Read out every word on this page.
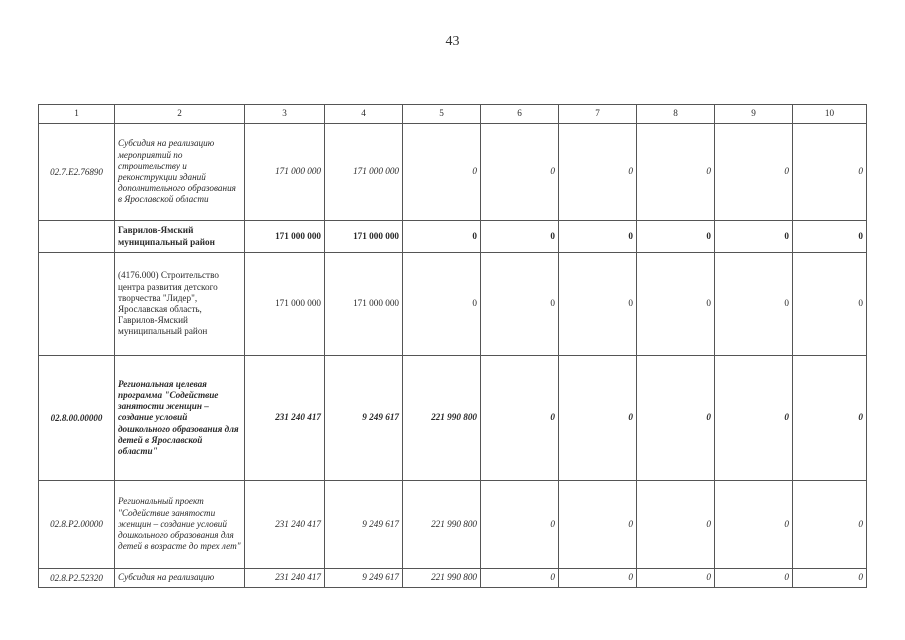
43
1	2	3	4	5	6	7	8	9	10
02.7.E2.76890	Субсидия на реализацию мероприятий по строительству и реконструкции зданий дополнительного образования в Ярославской области	171 000 000	171 000 000	0	0	0	0	0	0
	Гаврилов-Ямский муниципальный район	171 000 000	171 000 000	0	0	0	0	0	0
	(4176.000) Строительство центра развития детского творчества "Лидер", Ярославская область, Гаврилов-Ямский муниципальный район	171 000 000	171 000 000	0	0	0	0	0	0
02.8.00.00000	Региональная целевая программа "Содействие занятости женщин – создание условий дошкольного образования для детей в Ярославской области"	231 240 417	9 249 617	221 990 800	0	0	0	0	0
02.8.P2.00000	Региональный проект "Содействие занятости женщин – создание условий дошкольного образования для детей в возрасте до трех лет"	231 240 417	9 249 617	221 990 800	0	0	0	0	0
02.8.P2.52320	Субсидия на реализацию	231 240 417	9 249 617	221 990 800	0	0	0	0	0
